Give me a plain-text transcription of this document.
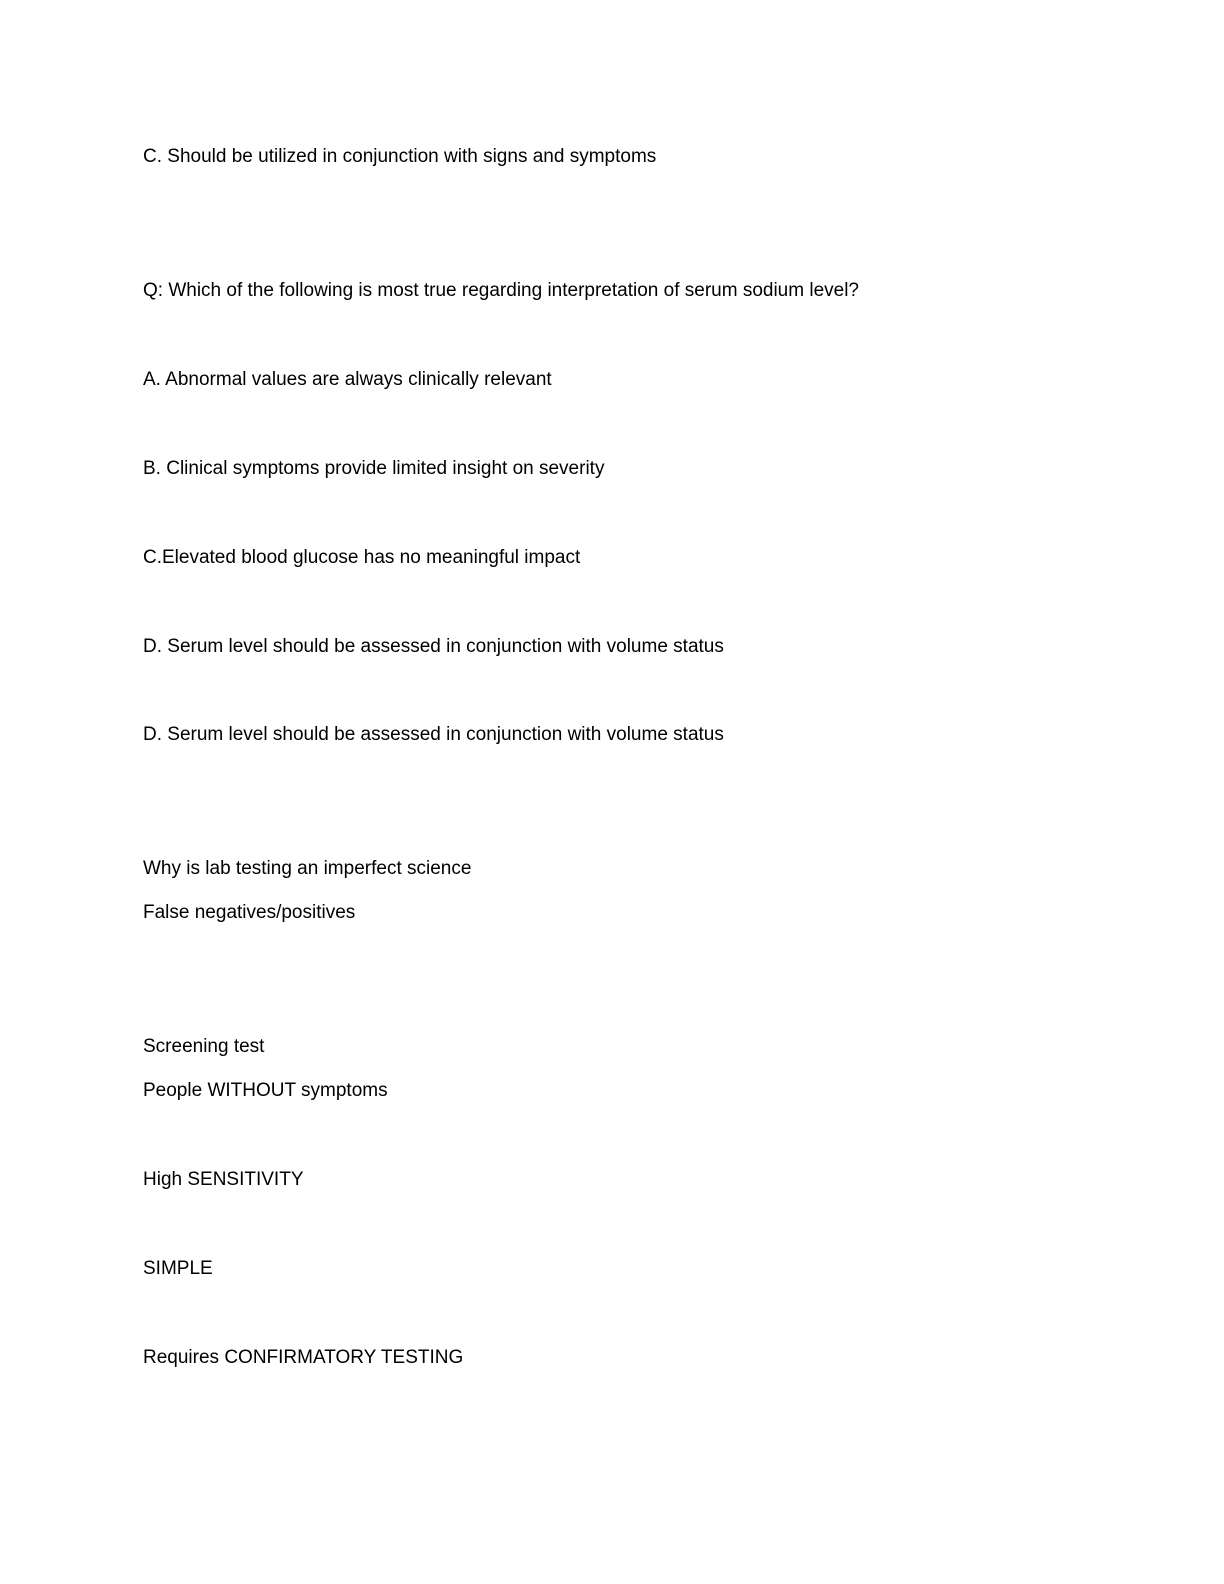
C. Should be utilized in conjunction with signs and symptoms
Q: Which of the following is most true regarding interpretation of serum sodium level?
A. Abnormal values are always clinically relevant
B. Clinical symptoms provide limited insight on severity
C.Elevated blood glucose has no meaningful impact
D. Serum level should be assessed in conjunction with volume status
D. Serum level should be assessed in conjunction with volume status
Why is lab testing an imperfect science
False negatives/positives
Screening test
People WITHOUT symptoms
High SENSITIVITY
SIMPLE
Requires CONFIRMATORY TESTING
